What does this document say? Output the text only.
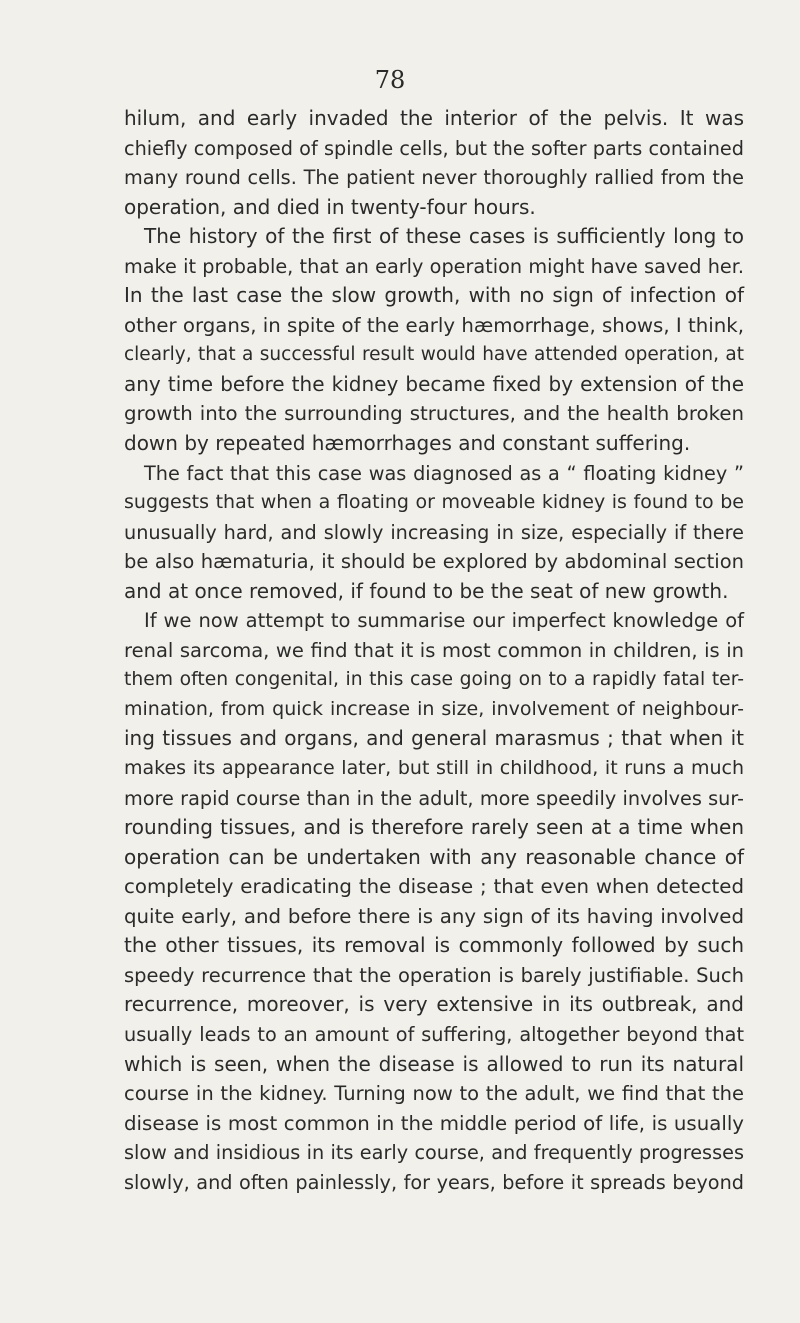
78
hilum, and early invaded the interior of the pelvis. It was
chiefly composed of spindle cells, but the softer parts contained
many round cells. The patient never thoroughly rallied from the
operation, and died in twenty-four hours.
The history of the first of these cases is sufficiently long to
make it probable, that an early operation might have saved her.
In the last case the slow growth, with no sign of infection of
other organs, in spite of the early hæmorrhage, shows, I think,
clearly, that a successful result would have attended operation, at
any time before the kidney became fixed by extension of the
growth into the surrounding structures, and the health broken
down by repeated hæmorrhages and constant suffering.
The fact that this case was diagnosed as a “ floating kidney ”
suggests that when a floating or moveable kidney is found to be
unusually hard, and slowly increasing in size, especially if there
be also hæmaturia, it should be explored by abdominal section
and at once removed, if found to be the seat of new growth.
If we now attempt to summarise our imperfect knowledge of
renal sarcoma, we find that it is most common in children, is in
them often congenital, in this case going on to a rapidly fatal ter-
mination, from quick increase in size, involvement of neighbour-
ing tissues and organs, and general marasmus ; that when it
makes its appearance later, but still in childhood, it runs a much
more rapid course than in the adult, more speedily involves sur-
rounding tissues, and is therefore rarely seen at a time when
operation can be undertaken with any reasonable chance of
completely eradicating the disease ; that even when detected
quite early, and before there is any sign of its having involved
the other tissues, its removal is commonly followed by such
speedy recurrence that the operation is barely justifiable. Such
recurrence, moreover, is very extensive in its outbreak, and
usually leads to an amount of suffering, altogether beyond that
which is seen, when the disease is allowed to run its natural
course in the kidney. Turning now to the adult, we find that the
disease is most common in the middle period of life, is usually
slow and insidious in its early course, and frequently progresses
slowly, and often painlessly, for years, before it spreads beyond
